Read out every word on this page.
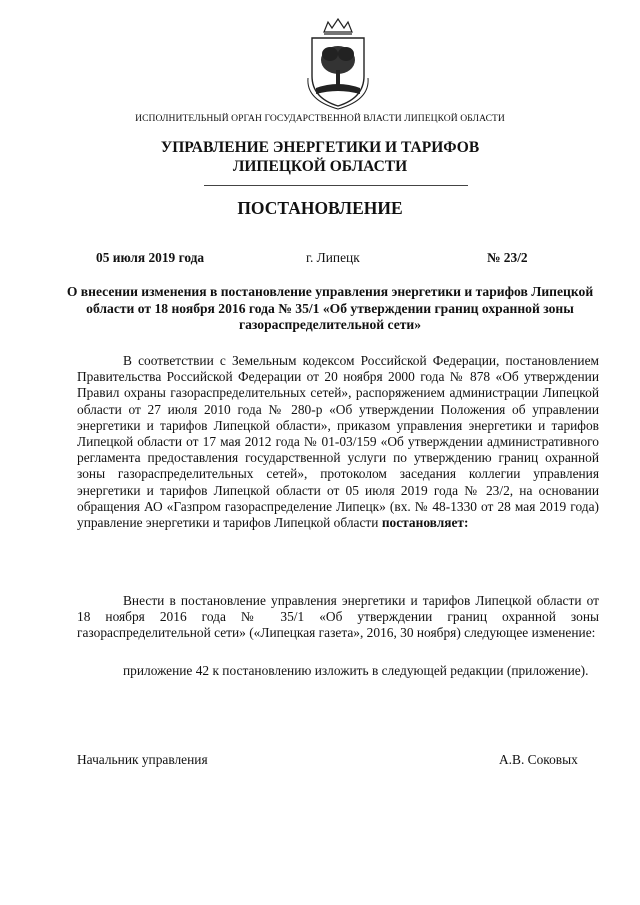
ИСПОЛНИТЕЛЬНЫЙ ОРГАН ГОСУДАРСТВЕННОЙ ВЛАСТИ ЛИПЕЦКОЙ ОБЛАСТИ
УПРАВЛЕНИЕ ЭНЕРГЕТИКИ И ТАРИФОВ
ЛИПЕЦКОЙ ОБЛАСТИ
ПОСТАНОВЛЕНИЕ
05 июля 2019 года	г. Липецк	№ 23/2
О внесении изменения в постановление управления энергетики и тарифов Липецкой области от 18 ноября 2016 года № 35/1 «Об утверждении границ охранной зоны газораспределительной сети»
В соответствии с Земельным кодексом Российской Федерации, постановлением Правительства Российской Федерации от 20 ноября 2000 года № 878 «Об утверждении Правил охраны газораспределительных сетей», распоряжением администрации Липецкой области от 27 июля 2010 года № 280-р «Об утверждении Положения об управлении энергетики и тарифов Липецкой области», приказом управления энергетики и тарифов Липецкой области от 17 мая 2012 года № 01-03/159 «Об утверждении административного регламента предоставления государственной услуги по утверждению границ охранной зоны газораспределительных сетей», протоколом заседания коллегии управления энергетики и тарифов Липецкой области от 05 июля 2019 года № 23/2, на основании обращения АО «Газпром газораспределение Липецк» (вх. № 48-1330 от 28 мая 2019 года) управление энергетики и тарифов Липецкой области постановляет:
Внести в постановление управления энергетики и тарифов Липецкой области от 18 ноября 2016 года № 35/1 «Об утверждении границ охранной зоны газораспределительной сети» («Липецкая газета», 2016, 30 ноября) следующее изменение:
приложение 42 к постановлению изложить в следующей редакции (приложение).
Начальник управления	А.В. Соковых
